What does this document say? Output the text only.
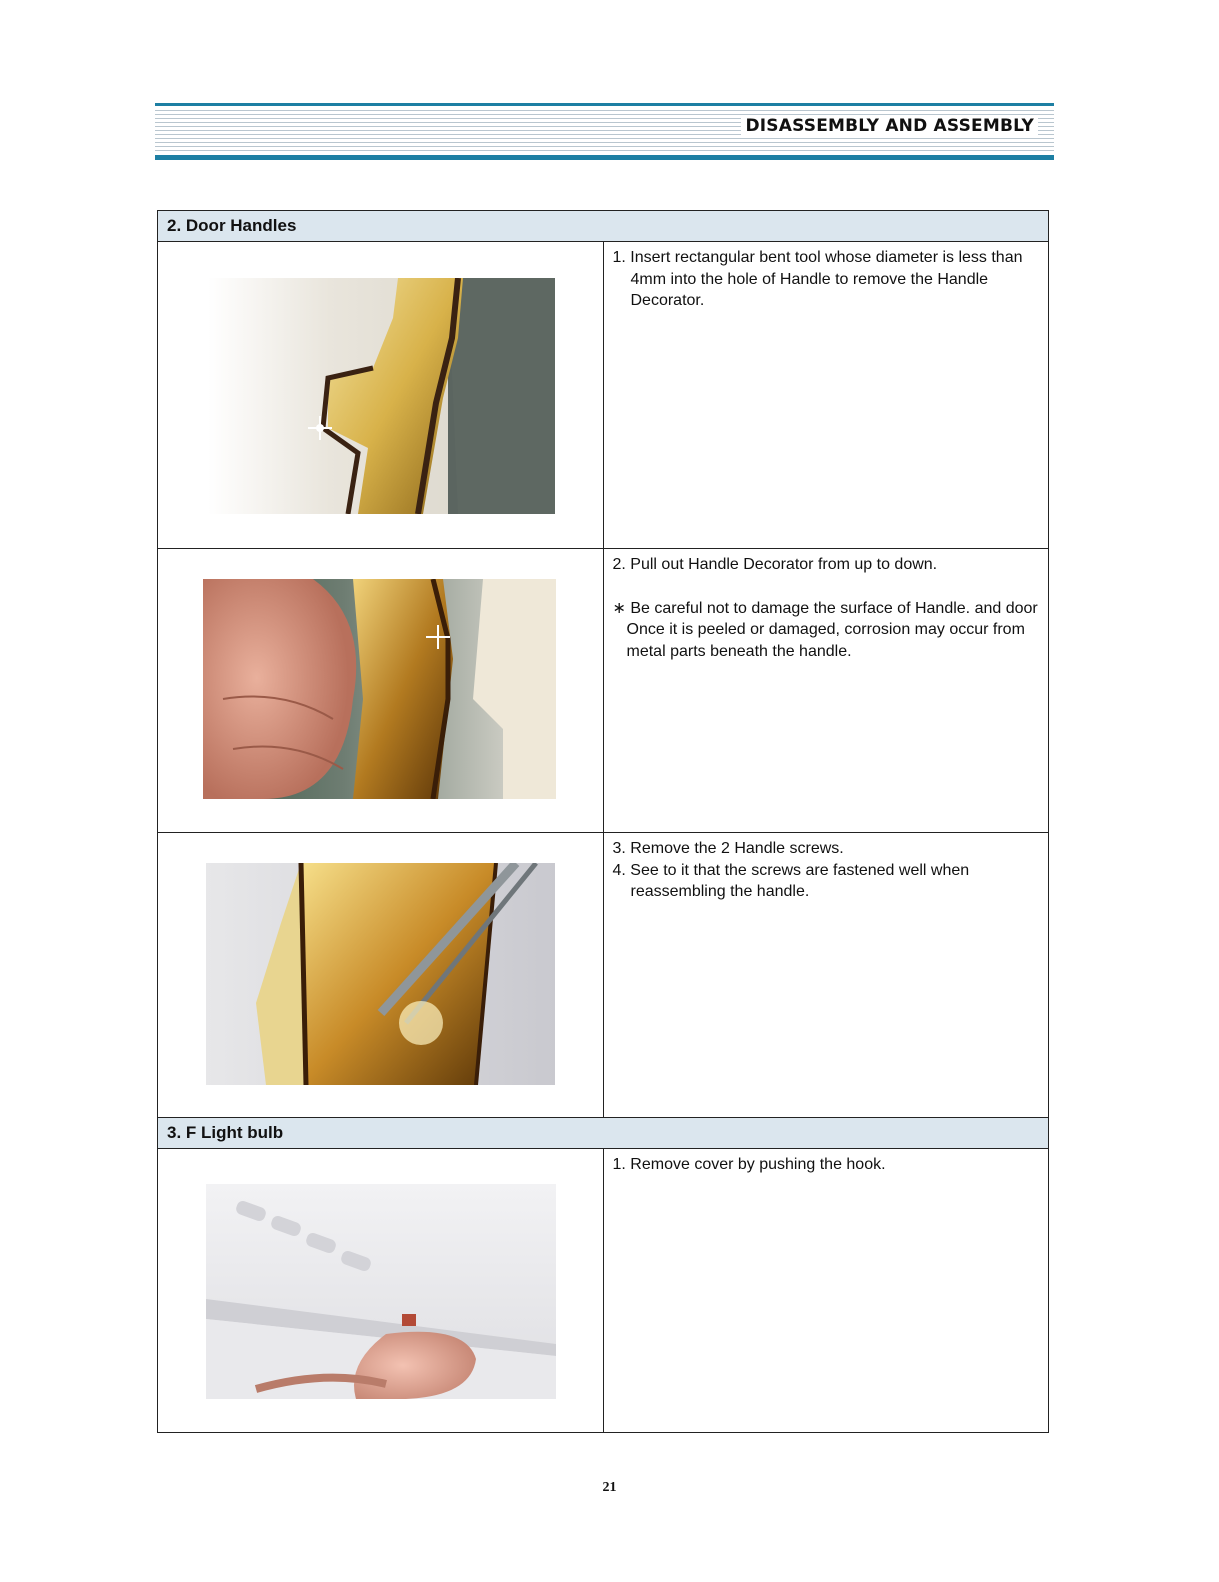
DISASSEMBLY AND ASSEMBLY
2. Door Handles	

1. Insert rectangular bent tool whose diameter is less than 4mm into the hole of Handle to remove the Handle Decorator.

2. Pull out Handle Decorator from up to down.

∗ Be careful not to damage the surface of Handle. and door Once it is peeled or damaged, corrosion may occur from metal parts beneath the handle.

3. Remove the 2 Handle screws.

4. See to it that the screws are fastened well when reassembling the handle.

3. F Light bulb	

1. Remove cover by pushing the hook.

21
